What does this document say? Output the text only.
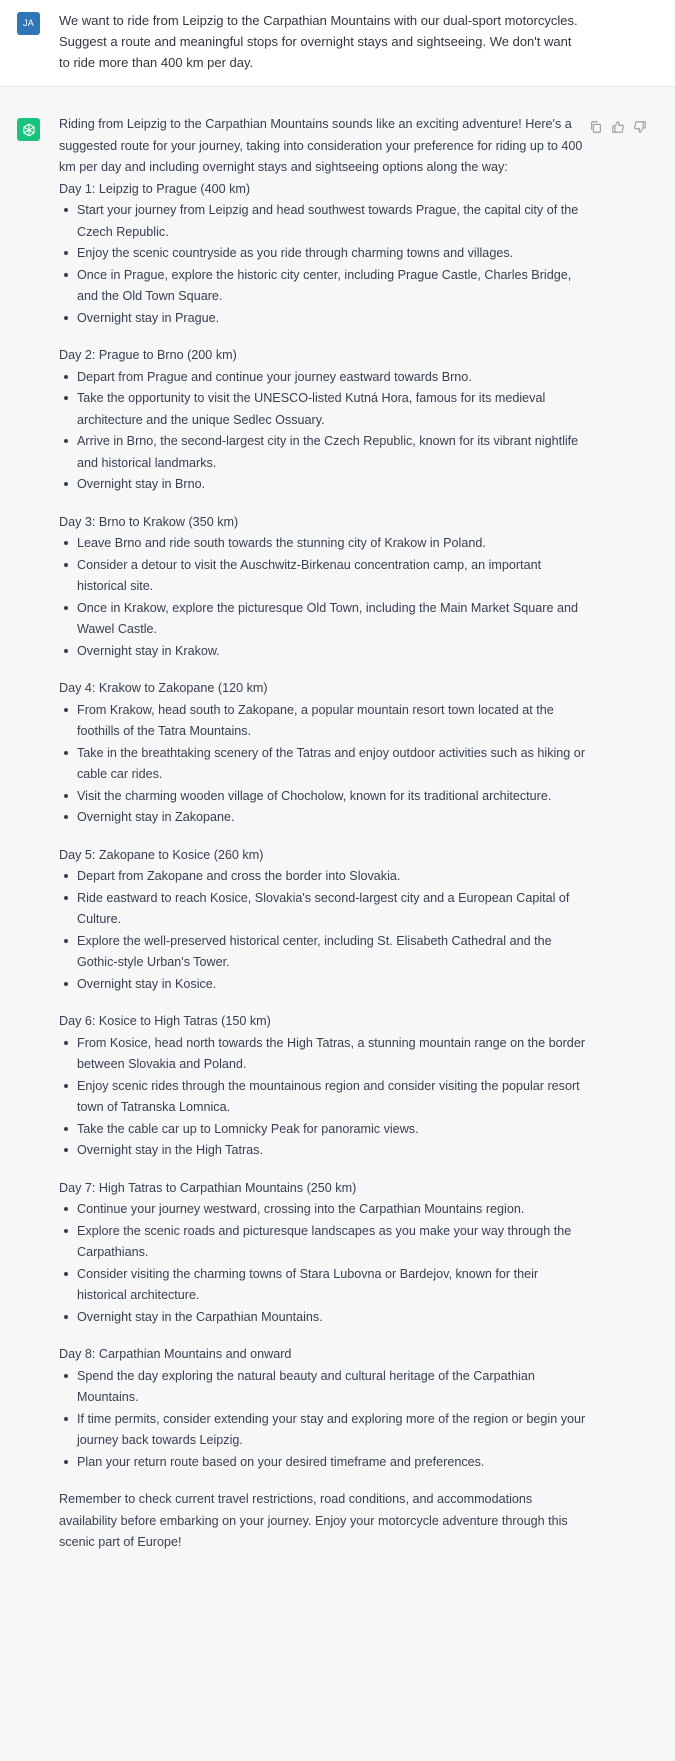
JA	We want to ride from Leipzig to the Carpathian Mountains with our dual-sport motorcycles. Suggest a route and meaningful stops for overnight stays and sightseeing. We don't want to ride more than 400 km per day.

Riding from Leipzig to the Carpathian Mountains sounds like an exciting adventure! Here's a suggested route for your journey, taking into consideration your preference for riding up to 400 km per day and including overnight stays and sightseeing options along the way:

Day 1: Leipzig to Prague (400 km)

Start your journey from Leipzig and head southwest towards Prague, the capital city of the Czech Republic.
Enjoy the scenic countryside as you ride through charming towns and villages.
Once in Prague, explore the historic city center, including Prague Castle, Charles Bridge, and the Old Town Square.
Overnight stay in Prague.

Day 2: Prague to Brno (200 km)

Depart from Prague and continue your journey eastward towards Brno.
Take the opportunity to visit the UNESCO-listed Kutná Hora, famous for its medieval architecture and the unique Sedlec Ossuary.
Arrive in Brno, the second-largest city in the Czech Republic, known for its vibrant nightlife and historical landmarks.
Overnight stay in Brno.

Day 3: Brno to Krakow (350 km)

Leave Brno and ride south towards the stunning city of Krakow in Poland.
Consider a detour to visit the Auschwitz-Birkenau concentration camp, an important historical site.
Once in Krakow, explore the picturesque Old Town, including the Main Market Square and Wawel Castle.
Overnight stay in Krakow.

Day 4: Krakow to Zakopane (120 km)

From Krakow, head south to Zakopane, a popular mountain resort town located at the foothills of the Tatra Mountains.
Take in the breathtaking scenery of the Tatras and enjoy outdoor activities such as hiking or cable car rides.
Visit the charming wooden village of Chocholow, known for its traditional architecture.
Overnight stay in Zakopane.

Day 5: Zakopane to Kosice (260 km)

Depart from Zakopane and cross the border into Slovakia.
Ride eastward to reach Kosice, Slovakia's second-largest city and a European Capital of Culture.
Explore the well-preserved historical center, including St. Elisabeth Cathedral and the Gothic-style Urban's Tower.
Overnight stay in Kosice.

Day 6: Kosice to High Tatras (150 km)

From Kosice, head north towards the High Tatras, a stunning mountain range on the border between Slovakia and Poland.
Enjoy scenic rides through the mountainous region and consider visiting the popular resort town of Tatranska Lomnica.
Take the cable car up to Lomnicky Peak for panoramic views.
Overnight stay in the High Tatras.

Day 7: High Tatras to Carpathian Mountains (250 km)

Continue your journey westward, crossing into the Carpathian Mountains region.
Explore the scenic roads and picturesque landscapes as you make your way through the Carpathians.
Consider visiting the charming towns of Stara Lubovna or Bardejov, known for their historical architecture.
Overnight stay in the Carpathian Mountains.

Day 8: Carpathian Mountains and onward

Spend the day exploring the natural beauty and cultural heritage of the Carpathian Mountains.
If time permits, consider extending your stay and exploring more of the region or begin your journey back towards Leipzig.
Plan your return route based on your desired timeframe and preferences.

Remember to check current travel restrictions, road conditions, and accommodations availability before embarking on your journey. Enjoy your motorcycle adventure through this scenic part of Europe!
